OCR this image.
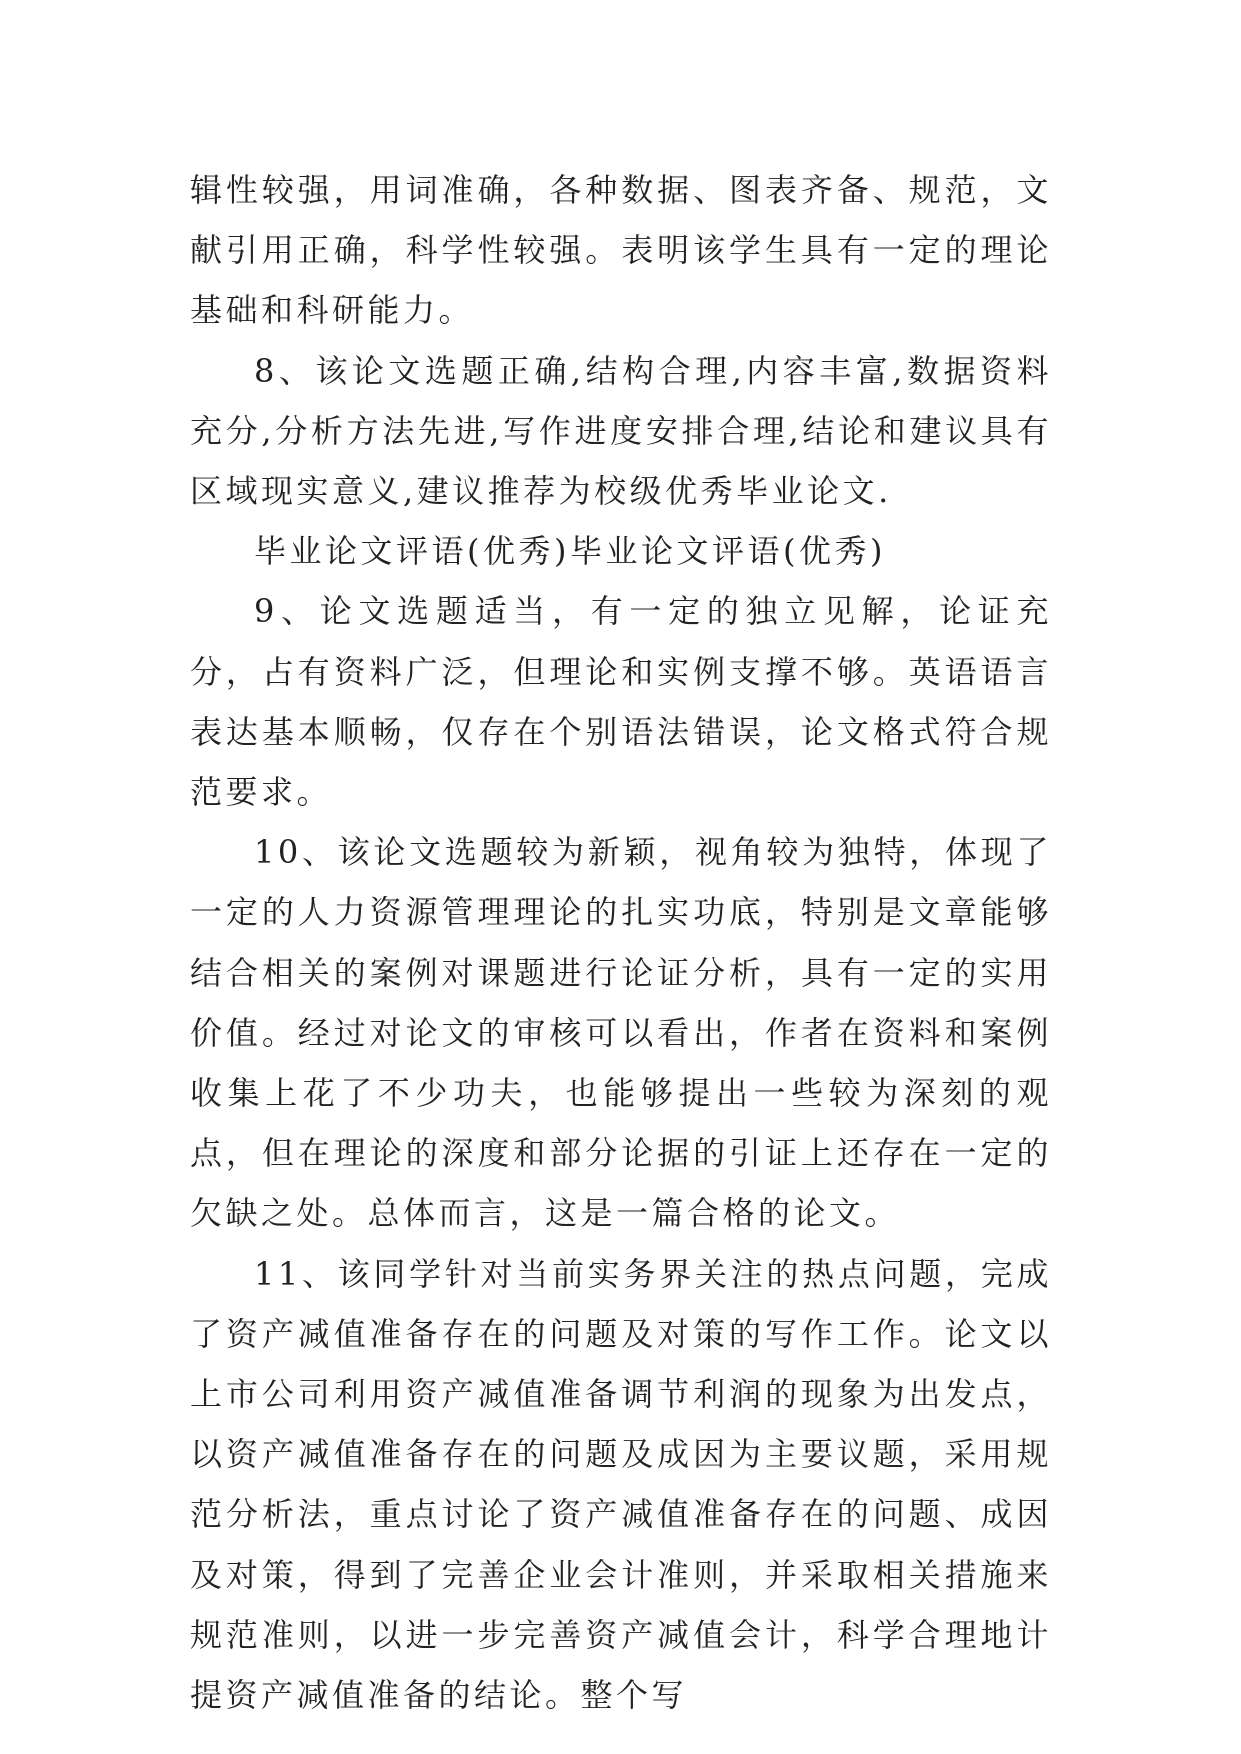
辑性较强，用词准确，各种数据、图表齐备、规范，文献引用正确，科学性较强。表明该学生具有一定的理论基础和科研能力。

8、该论文选题正确,结构合理,内容丰富,数据资料充分,分析方法先进,写作进度安排合理,结论和建议具有区域现实意义,建议推荐为校级优秀毕业论文.

毕业论文评语(优秀)毕业论文评语(优秀)

9、论文选题适当，有一定的独立见解，论证充分，占有资料广泛，但理论和实例支撑不够。英语语言表达基本顺畅，仅存在个别语法错误，论文格式符合规范要求。

10、该论文选题较为新颖，视角较为独特，体现了一定的人力资源管理理论的扎实功底，特别是文章能够结合相关的案例对课题进行论证分析，具有一定的实用价值。经过对论文的审核可以看出，作者在资料和案例收集上花了不少功夫，也能够提出一些较为深刻的观点，但在理论的深度和部分论据的引证上还存在一定的欠缺之处。总体而言，这是一篇合格的论文。

11、该同学针对当前实务界关注的热点问题，完成了资产减值准备存在的问题及对策的写作工作。论文以上市公司利用资产减值准备调节利润的现象为出发点，以资产减值准备存在的问题及成因为主要议题，采用规范分析法，重点讨论了资产减值准备存在的问题、成因及对策，得到了完善企业会计准则，并采取相关措施来规范准则，以进一步完善资产减值会计，科学合理地计提资产减值准备的结论。整个写
